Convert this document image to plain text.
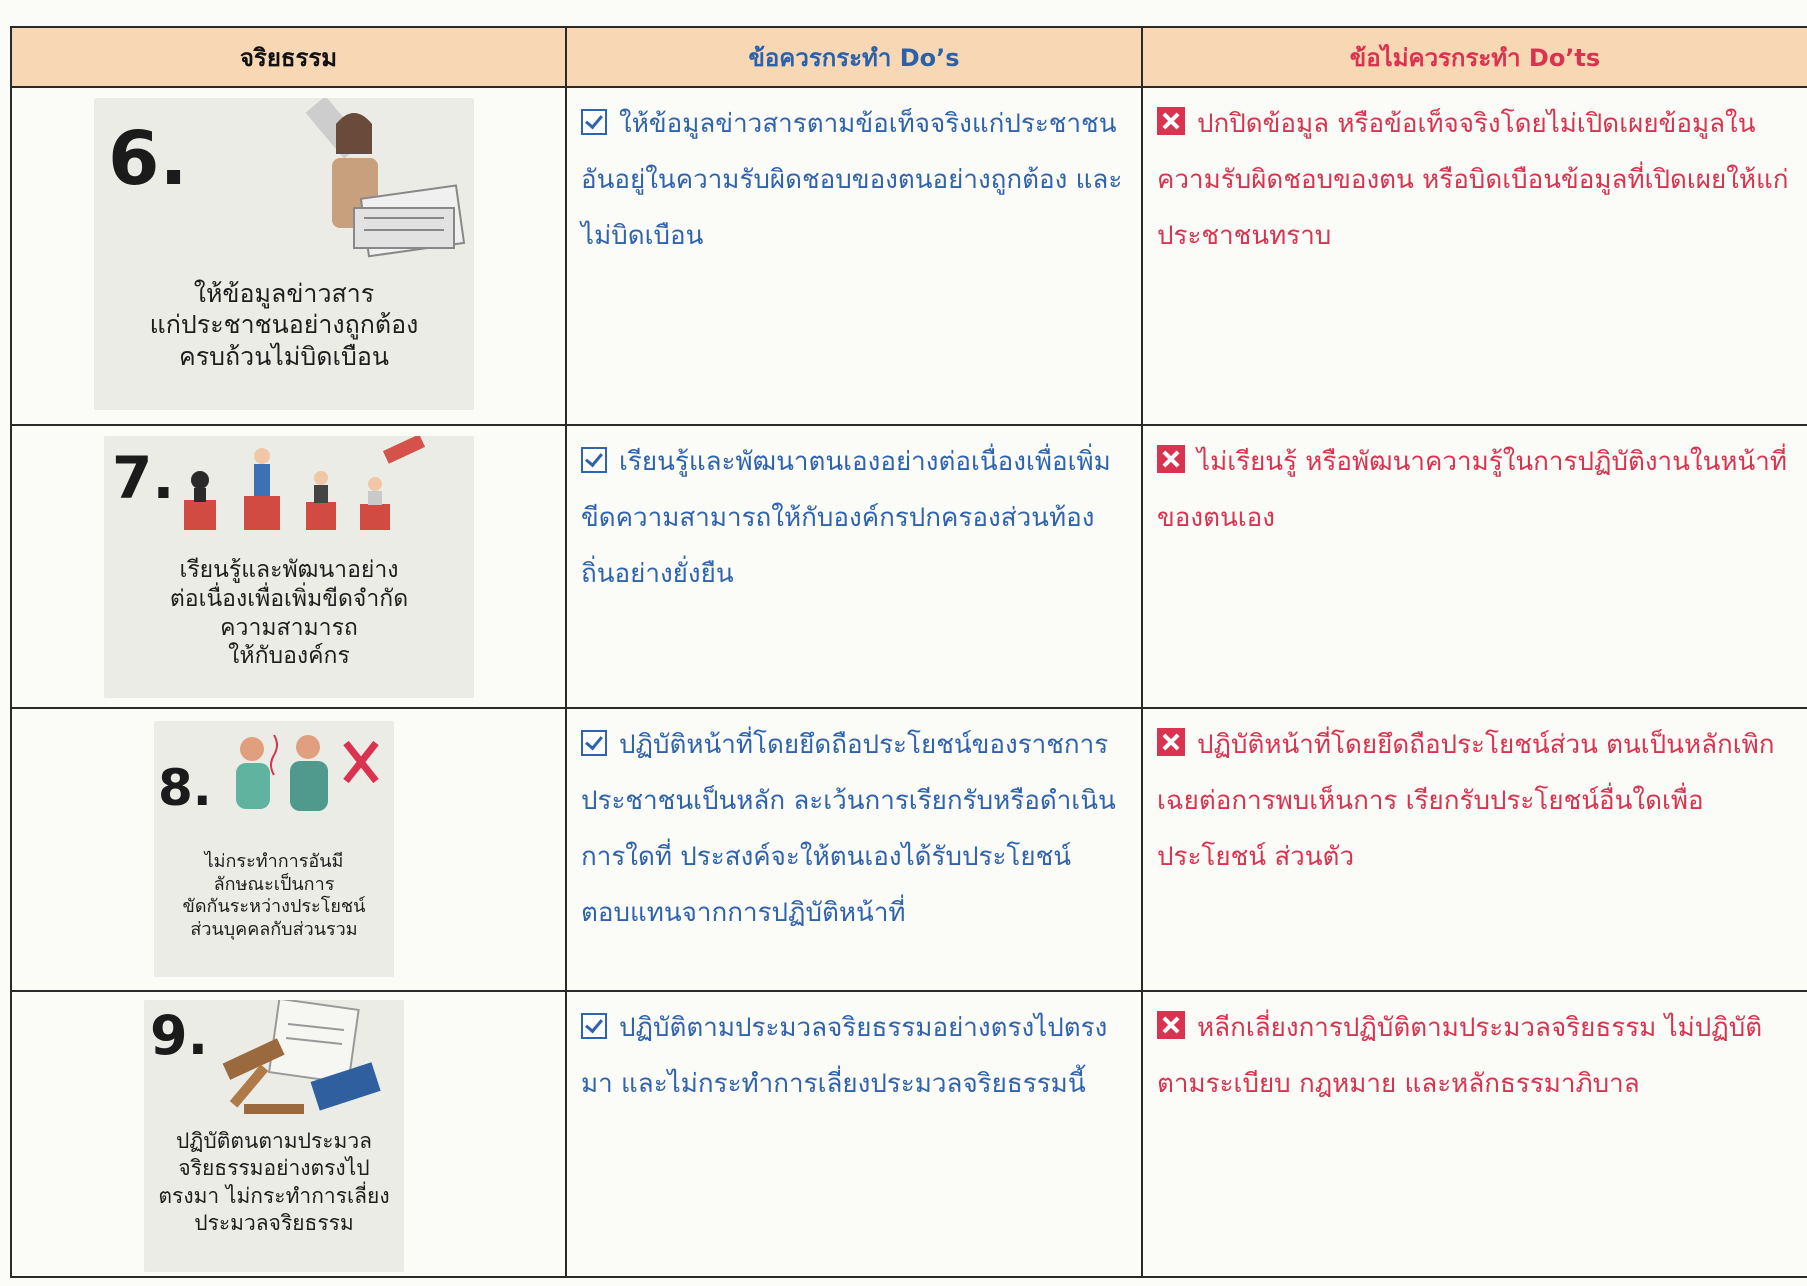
จริยธรรม	ข้อควรกระทำ Do’s	ข้อไม่ควรกระทำ Do’ts

6.
ให้ข้อมูลข่าวสาร
แก่ประชาชนอย่างถูกต้อง
ครบถ้วนไม่บิดเบือน	ให้ข้อมูลข่าวสารตามข้อเท็จจริงแก่ประชาชนอันอยู่ในความรับผิดชอบของตนอย่างถูกต้อง และไม่บิดเบือน	ปกปิดข้อมูล หรือข้อเท็จจริงโดยไม่เปิดเผยข้อมูลในความรับผิดชอบของตน หรือบิดเบือนข้อมูลที่เปิดเผยให้แก่ประชาชนทราบ

7.
เรียนรู้และพัฒนาอย่าง
ต่อเนื่องเพื่อเพิ่มขีดจำกัด
ความสามารถ
ให้กับองค์กร	เรียนรู้และพัฒนาตนเองอย่างต่อเนื่องเพื่อเพิ่มขีดความสามารถให้กับองค์กรปกครองส่วนท้องถิ่นอย่างยั่งยืน	ไม่เรียนรู้ หรือพัฒนาความรู้ในการปฏิบัติงานในหน้าที่ของตนเอง

8.
ไม่กระทำการอันมี
ลักษณะเป็นการ
ขัดกันระหว่างประโยชน์
ส่วนบุคคลกับส่วนรวม	ปฏิบัติหน้าที่โดยยึดถือประโยชน์ของราชการประชาชนเป็นหลัก ละเว้นการเรียกรับหรือดำเนินการใดที่ ประสงค์จะให้ตนเองได้รับประโยชน์ตอบแทนจากการปฏิบัติหน้าที่	ปฏิบัติหน้าที่โดยยึดถือประโยชน์ส่วน ตนเป็นหลักเพิกเฉยต่อการพบเห็นการ เรียกรับประโยชน์อื่นใดเพื่อประโยชน์ ส่วนตัว

9.
ปฏิบัติตนตามประมวล
จริยธรรมอย่างตรงไป
ตรงมา ไม่กระทำการเลี่ยง
ประมวลจริยธรรม	ปฏิบัติตามประมวลจริยธรรมอย่างตรงไปตรงมา และไม่กระทำการเลี่ยงประมวลจริยธรรมนี้	หลีกเลี่ยงการปฏิบัติตามประมวลจริยธรรม ไม่ปฏิบัติตามระเบียบ กฎหมาย และหลักธรรมาภิบาล
